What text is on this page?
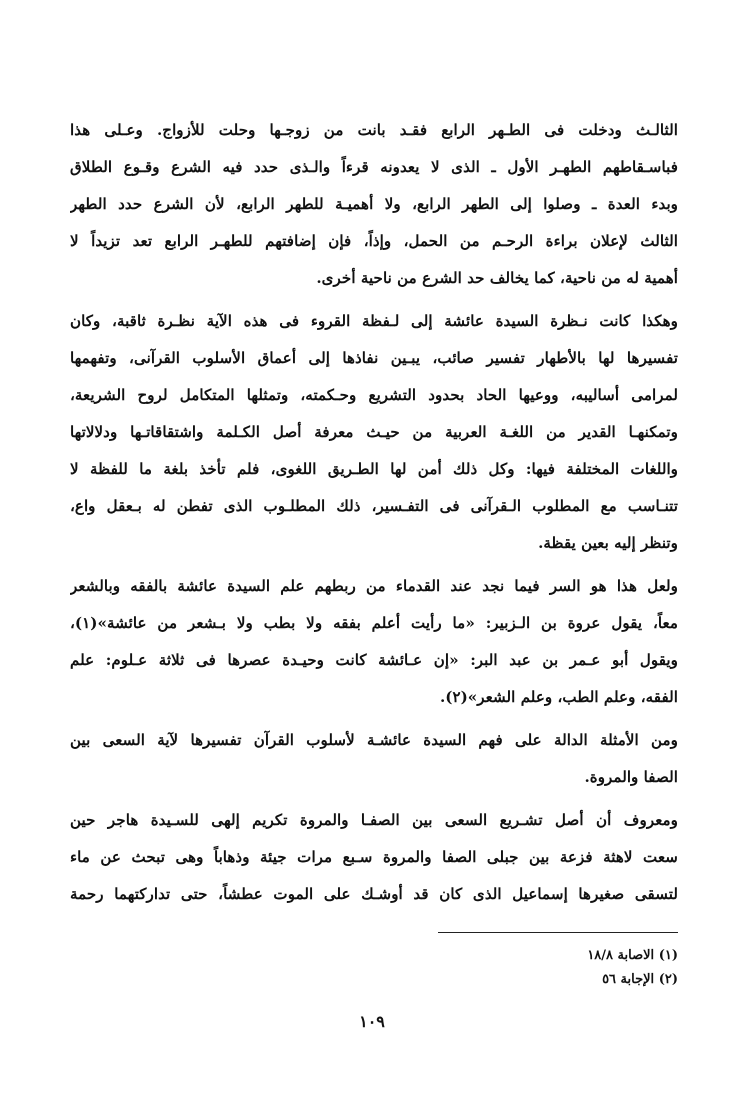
الثالـث ودخلت فى الطـهر الرابع فقـد بانت من زوجـها وحلت للأزواج. وعـلى هذا
فباسـقاطهم الطهـر الأول ـ الذى لا يعدونه قرءاً والـذى حدد فيه الشرع وقـوع الطلاق
وبدء العدة ـ وصلوا إلى الطهر الرابع، ولا أهميـة للطهر الرابع، لأن الشرع حدد الطهر
الثالث لإعلان براءة الرحـم من الحمل، وإذاً، فإن إضافتهم للطهـر الرابع تعد تزيداً لا
أهمية له من ناحية، كما يخالف حد الشرع من ناحية أخرى.
وهكذا كانت نـظرة السيدة عائشة إلى لـفظة القروء فى هذه الآية نظـرة ثاقبة، وكان
تفسيرها لها بالأطهار تفسير صائب، يبـين نفاذها إلى أعماق الأسلوب القرآنى، وتفهمها
لمرامى أساليبه، ووعيها الحاد بحدود التشريع وحـكمته، وتمثلها المتكامل لروح الشريعة،
وتمكنهـا القدير من اللغـة العربية من حيـث معرفة أصل الكـلمة واشتقاقاتـها ودلالاتها
واللغات المختلفة فيها: وكل ذلك أمن لها الطـريق اللغوى، فلم تأخذ بلغة ما للفظة لا
تتنـاسب مع المطلوب الـقرآنى فى التفـسير، ذلك المطلـوب الذى تفطن له بـعقل واع،
وتنظر إليه بعين يقظة.
ولعل هذا هو السر فيما نجد عند القدماء من ربطهم علم السيدة عائشة بالفقه وبالشعر
معاً، يقول عروة بن الـزبير: «ما رأيت أعلم بفقه ولا بطب ولا بـشعر من عائشة»(١)،
ويقول أبو عـمر بن عبد البر: «إن عـائشة كانت وحيـدة عصرها فى ثلاثة عـلوم: علم
الفقه، وعلم الطب، وعلم الشعر»(٢).
ومن الأمثلة الدالة على فهم السيدة عائشـة لأسلوب القرآن تفسيرها لآية السعى بين
الصفا والمروة.
ومعروف أن أصل تشـريع السعى بين الصفـا والمروة تكريم إلهى للسـيدة هاجر حين
سعت لاهثة فزعة بين جبلى الصفا والمروة سـبع مرات جيئة وذهاباً وهى تبحث عن ماء
لتسقى صغيرها إسماعيل الذى كان قد أوشـك على الموت عطشاً، حتى تداركتهما رحمة
(١) الاصابة ١٨/٨
(٢) الإجابة ٥٦
١٠٩
